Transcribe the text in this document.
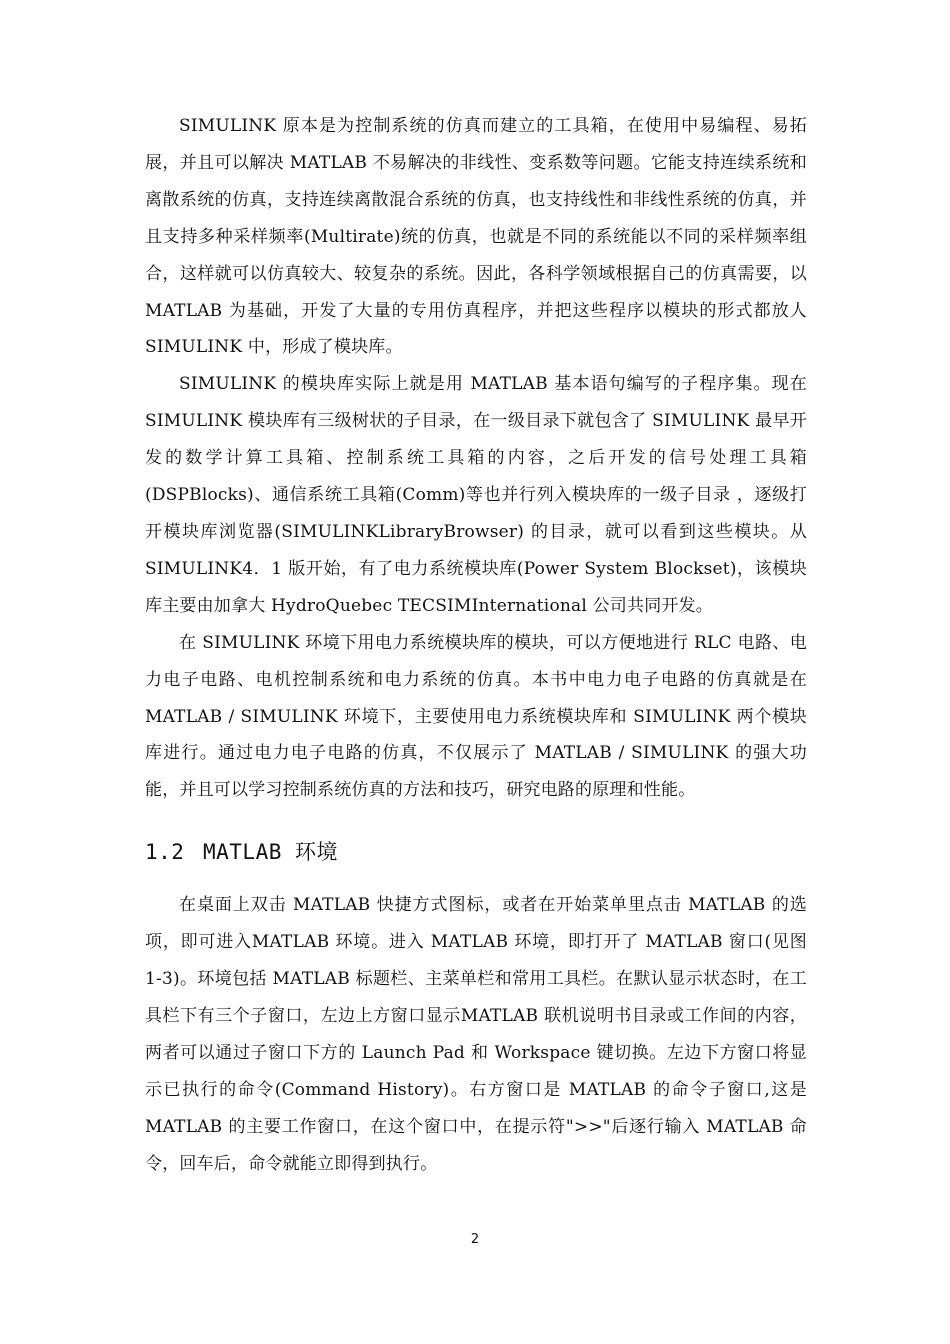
SIMULINK 原本是为控制系统的仿真而建立的工具箱，在使用中易编程、易拓展，并且可以解决 MATLAB 不易解决的非线性、变系数等问题。它能支持连续系统和离散系统的仿真，支持连续离散混合系统的仿真，也支持线性和非线性系统的仿真，并且支持多种采样频率(Multirate)统的仿真，也就是不同的系统能以不同的采样频率组合，这样就可以仿真较大、较复杂的系统。因此，各科学领域根据自己的仿真需要，以 MATLAB 为基础，开发了大量的专用仿真程序，并把这些程序以模块的形式都放人 SIMULINK 中，形成了模块库。

SIMULINK 的模块库实际上就是用 MATLAB 基本语句编写的子程序集。现在SIMULINK 模块库有三级树状的子目录，在一级目录下就包含了 SIMULINK 最早开发的数学计算工具箱、控制系统工具箱的内容，之后开发的信号处理工具箱(DSPBlocks)、通信系统工具箱(Comm)等也并行列入模块库的一级子目录 ，逐级打开模块库浏览器(SIMULINKLibraryBrowser) 的目录，就可以看到这些模块。从SIMULINK4．1 版开始，有了电力系统模块库(Power System Blockset)，该模块库主要由加拿大 HydroQuebec TECSIMInternational 公司共同开发。

在 SIMULINK 环境下用电力系统模块库的模块，可以方便地进行 RLC 电路、电力电子电路、电机控制系统和电力系统的仿真。本书中电力电子电路的仿真就是在 MATLAB / SIMULINK 环境下，主要使用电力系统模块库和 SIMULINK 两个模块库进行。通过电力电子电路的仿真，不仅展示了 MATLAB / SIMULINK 的强大功能，并且可以学习控制系统仿真的方法和技巧，研究电路的原理和性能。

1.2 MATLAB 环境

在桌面上双击 MATLAB 快捷方式图标，或者在开始菜单里点击 MATLAB 的选项，即可进入MATLAB 环境。进入 MATLAB 环境，即打开了 MATLAB 窗口(见图 1-3)。环境包括 MATLAB 标题栏、主菜单栏和常用工具栏。在默认显示状态时，在工具栏下有三个子窗口，左边上方窗口显示MATLAB 联机说明书目录或工作间的内容，两者可以通过子窗口下方的 Launch Pad 和 Workspace 键切换。左边下方窗口将显示已执行的命令(Command History)。右方窗口是 MATLAB 的命令子窗口,这是 MATLAB 的主要工作窗口，在这个窗口中，在提示符">>"后逐行输入 MATLAB 命令，回车后，命令就能立即得到执行。

2
